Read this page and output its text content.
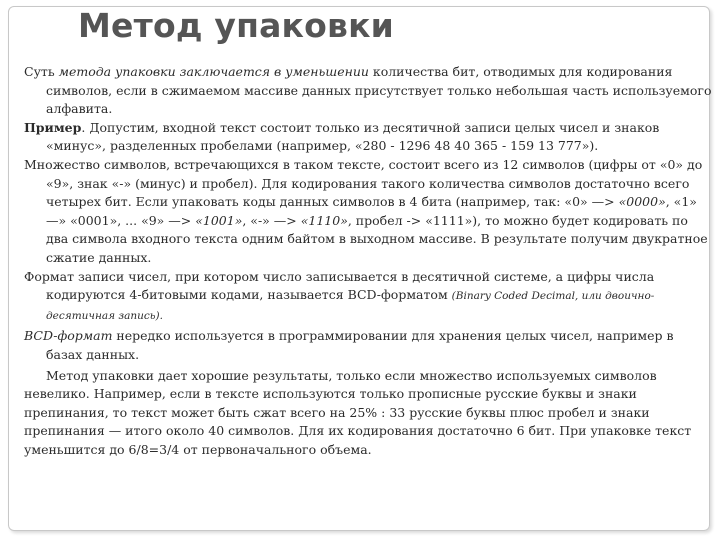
Метод упаковки

Суть метода упаковки заключается в уменьшении количества бит, отводимых для кодирования символов, если в сжимаемом массиве данных присутствует только небольшая часть используемого алфавита.

Пример. Допустим, входной текст состоит только из десятичной записи целых чисел и знаков «минус», разделенных пробелами (например, «280 - 1296 48 40 365 - 159 13 777»).

Множество символов, встречающихся в таком тексте, состоит всего из 12 символов (цифры от «0» до «9», знак «-» (минус) и пробел). Для кодирования такого количества символов достаточно всего четырех бит. Если упаковать коды данных символов в 4 бита (например, так: «0» —> «0000», «1» —» «0001», ... «9» —> «1001», «-» —> «1110», пробел -> «1111»), то можно будет кодировать по два символа входного текста одним байтом в выходном массиве. В результате получим двукратное сжатие данных.

Формат записи чисел, при котором число записывается в десятичной системе, а цифры числа кодируются 4-битовыми кодами, называется BCD-форматом (Binary Coded Decimal, или двоично-десятичная запись).

BCD-формат нередко используется в программировании для хранения целых чисел, например в базах данных.

Метод упаковки дает хорошие результаты, только если множество используемых символов невелико. Например, если в тексте используются только прописные русские буквы и знаки препинания, то текст может быть сжат всего на 25% : 33 русские буквы плюс пробел и знаки препинания — итого около 40 символов. Для их кодирования достаточно 6 бит. При упаковке текст уменьшится до 6/8=3/4 от первоначального объема.
